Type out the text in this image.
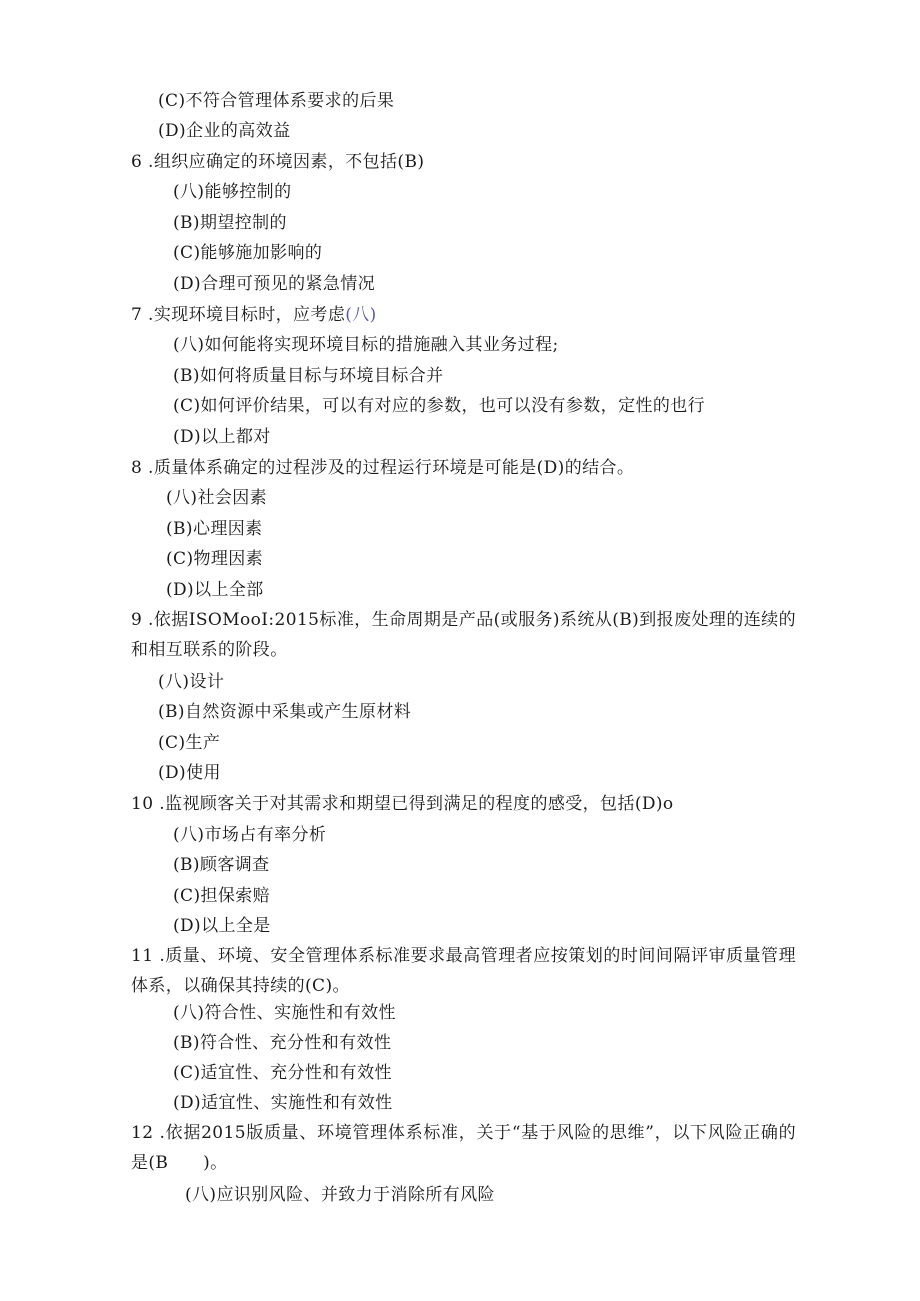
(C)不符合管理体系要求的后果
(D)企业的高效益
6 .组织应确定的环境因素，不包括(B)
(八)能够控制的
(B)期望控制的
(C)能够施加影响的
(D)合理可预见的紧急情况
7 .实现环境目标时，应考虑(八)
(八)如何能将实现环境目标的措施融入其业务过程;
(B)如何将质量目标与环境目标合并
(C)如何评价结果，可以有对应的参数，也可以没有参数，定性的也行
(D)以上都对
8 .质量体系确定的过程涉及的过程运行环境是可能是(D)的结合。
(八)社会因素
(B)心理因素
(C)物理因素
(D)以上全部
9 .依据ISOMooI:2015标准，生命周期是产品(或服务)系统从(B)到报废处理的连续的和相互联系的阶段。
(八)设计
(B)自然资源中采集或产生原材料
(C)生产
(D)使用
10 .监视顾客关于对其需求和期望已得到满足的程度的感受，包括(D)o
(八)市场占有率分析
(B)顾客调查
(C)担保索赔
(D)以上全是
11 .质量、环境、安全管理体系标准要求最高管理者应按策划的时间间隔评审质量管理体系，以确保其持续的(C)。
(八)符合性、实施性和有效性
(B)符合性、充分性和有效性
(C)适宜性、充分性和有效性
(D)适宜性、实施性和有效性
12 .依据2015版质量、环境管理体系标准，关于“基于风险的思维”，以下风险正确的是(B　　)。
(八)应识别风险、并致力于消除所有风险
